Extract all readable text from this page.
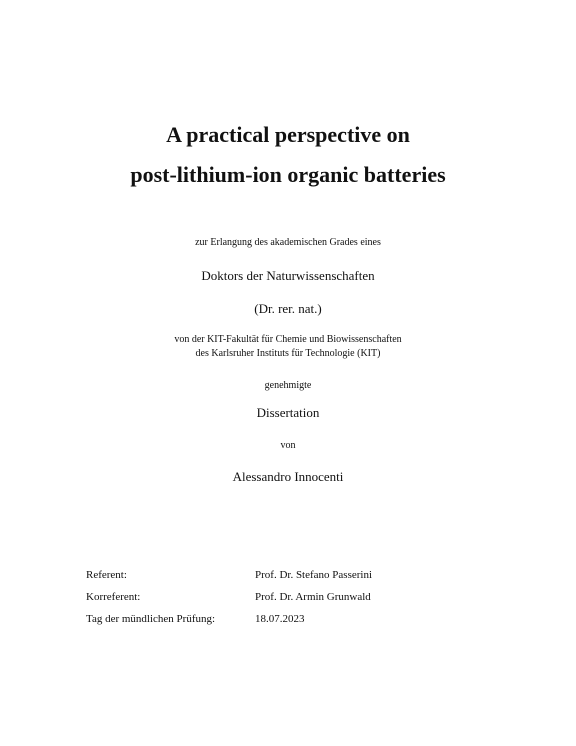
A practical perspective on
post-lithium-ion organic batteries
zur Erlangung des akademischen Grades eines
Doktors der Naturwissenschaften
(Dr. rer. nat.)
von der KIT-Fakultät für Chemie und Biowissenschaften
des Karlsruher Instituts für Technologie (KIT)
genehmigte
Dissertation
von
Alessandro Innocenti
Referent:	Prof. Dr. Stefano Passerini
Korreferent:	Prof. Dr. Armin Grunwald
Tag der mündlichen Prüfung:	18.07.2023
